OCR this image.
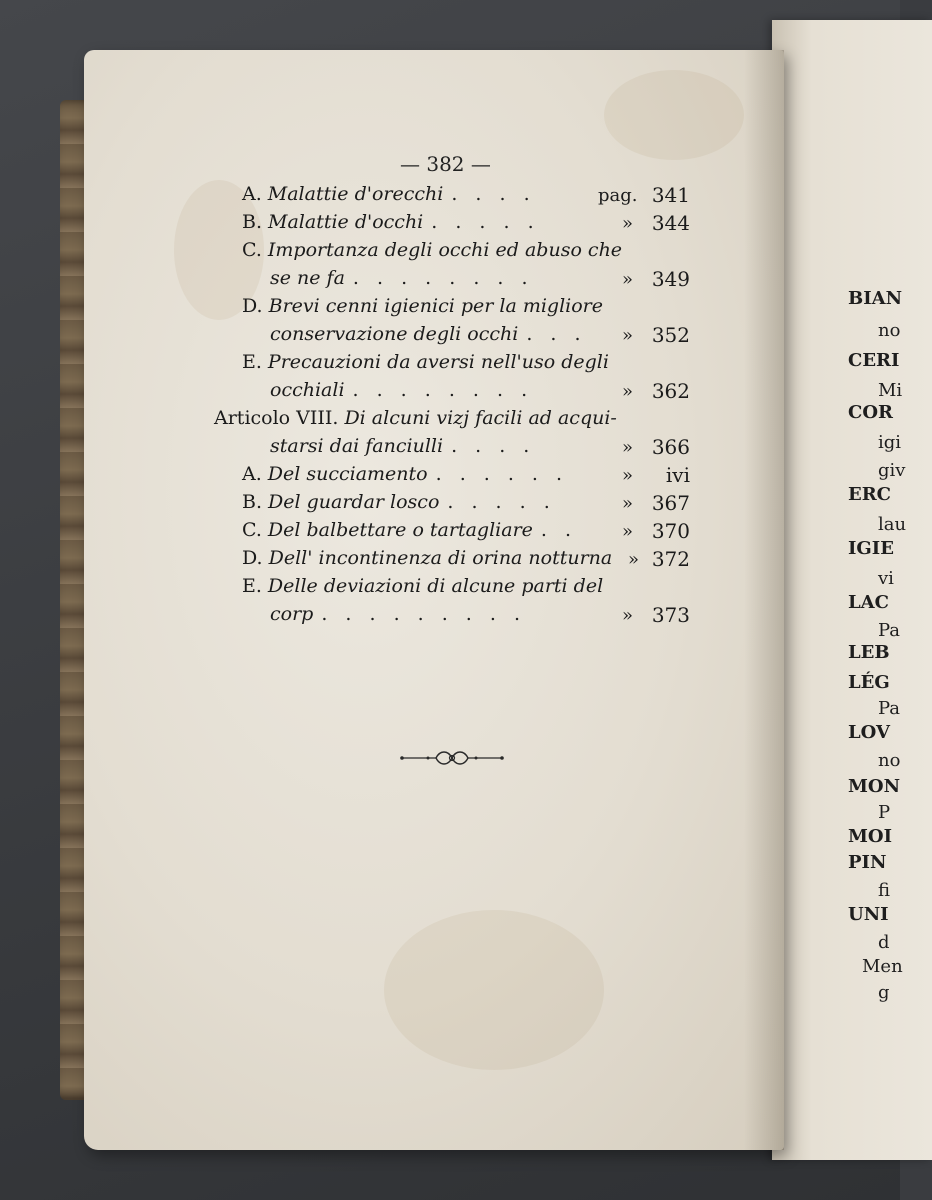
BIAN
no
CERI
Mi
COR
igi
giv
ERC
lau
IGIE
vi
LAC
Pa
LEB
LÉG
Pa
LOV
no
MON
P
MOI
PIN
fi
UNI
d
Men
g
— 382 —
A. Malattie d'orecchi . . . .	pag. 341
B. Malattie d'occhi . . . . .	» 344
C. Importanza degli occhi ed abuso che
se ne fa . . . . . . . .	» 349
D. Brevi cenni igienici per la migliore
conservazione degli occhi . . . » 352
E. Precauzioni da aversi nell'uso degli
occhiali . . . . . . . .	» 362
Articolo VIII. Di alcuni vizj facili ad acqui-
starsi dai fanciulli . . . .	» 366
A. Del succiamento . . . . . .	»	ivi
B. Del guardar losco . . . . .	» 367
C. Del balbettare o tartagliare . . » 370
D. Dell' incontinenza di orina notturna » 372
E. Delle deviazioni di alcune parti del
corp . . . . . . . . .	» 373
